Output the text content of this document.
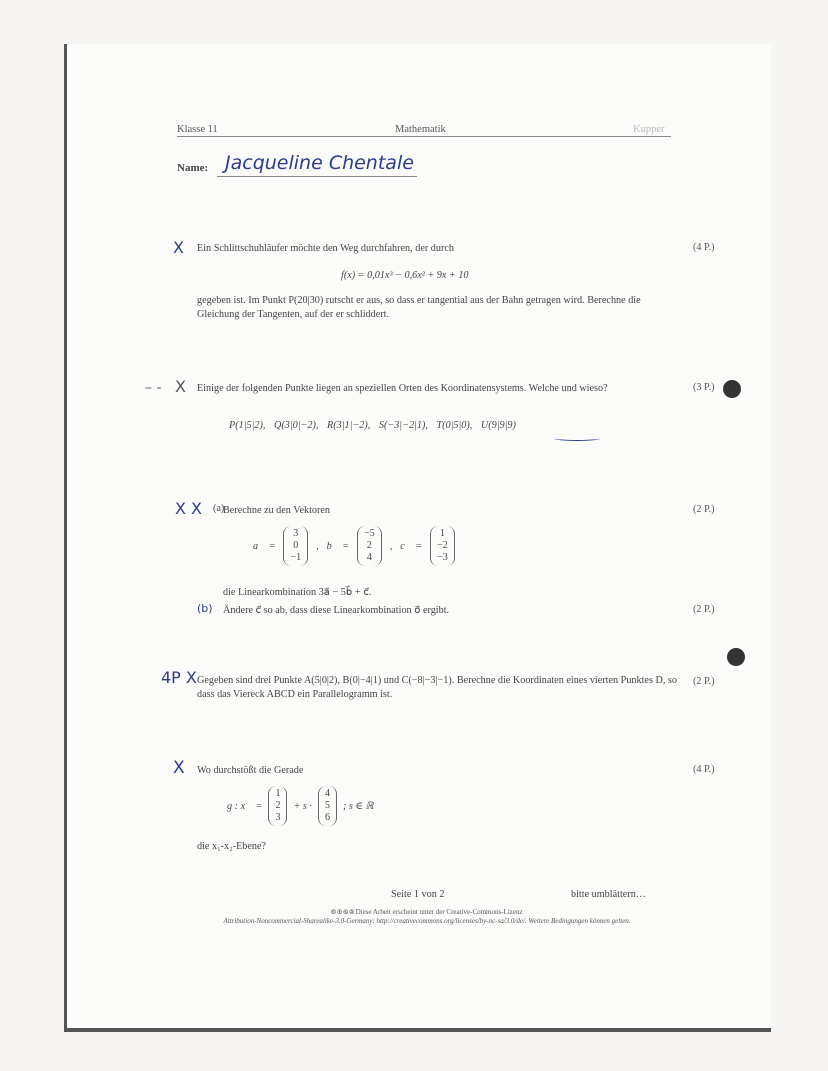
Klasse 11	Mathematik	Kupper
Name: Jacqueline Chentale
X Ein Schlittschuhläufer möchte den Weg durchfahren, der durch	(4 P.)
f(x) = 0,01x³ − 0,6x² + 9x + 10
gegeben ist. Im Punkt P(20|30) rutscht er aus, so dass er tangential aus der Bahn getragen wird. Berechne die Gleichung der Tangenten, auf der er schliddert.
– - X Einige der folgenden Punkte liegen an speziellen Orten des Koordinatensystems. Welche und wieso?	(3 P.)
P(1|5|2), Q(3|0|−2), R(3|1|−2), S(−3|−2|1), T(0|5|0), U(9|9|9)
X X (a)
Berechne zu den Vektoren	(2 P.)
a⃗ =
3
0
−1
, b⃗ =
−5
2
4
, c⃗ =
1
−2
−3
die Linearkombination 3a⃗ − 5b⃗ + c⃗.
(b) Ändere c⃗ so ab, dass diese Linearkombination o⃗ ergibt.	(2 P.)
4P X Gegeben sind drei Punkte A(5|0|2), B(0|−4|1) und C(−8|−3|−1). Berechne die Koordinaten eines vierten Punktes D, so dass das Viereck ABCD ein Parallelogramm ist.
(2 P.)
X Wo durchstößt die Gerade	(4 P.)
g : x⃗ =
1
2
3
+ s ·
4
5
6
; s ∈ ℝ
die x₁-x₂-Ebene?
Seite 1 von 2	bitte umblättern…
🅭 🅯 🄏 🄎 Diese Arbeit erscheint unter der Creative-Commons-Lizenz
Attribution-Noncommercial-Sharealike-3.0-Germany: http://creativecommons.org/licenses/by-nc-sa/3.0/de/. Weitere Bedingungen können gelten.
